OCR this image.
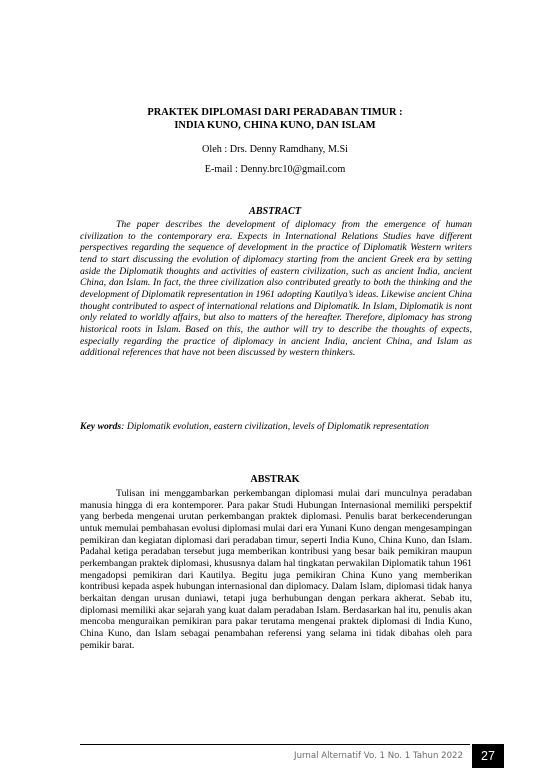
PRAKTEK DIPLOMASI DARI PERADABAN TIMUR :
INDIA KUNO, CHINA KUNO, DAN ISLAM
Oleh : Drs. Denny Ramdhany, M.Si
E-mail : Denny.brc10@gmail.com
ABSTRACT
The paper describes the development of diplomacy from the emergence of human civilization to the contemporary era. Expects in International Relations Studies have different perspectives regarding the sequence of development in the practice of Diplomatik Western writers tend to start discussing the evolution of diplomacy starting from the ancient Greek era by setting aside the Diplomatik thoughts and activities of eastern civilization, such as ancient India, ancient China, dan Islam. In fact, the three civilization also contributed greatly to both the thinking and the development of Diplomatik representation in 1961 adopting Kautilya’s ideas. Likewise ancient China thought contributed to aspect of international relations and Diplomatik. In Islam, Diplomatik is nont only related to worldly affairs, but also to matters of the hereafter. Therefore, diplomacy has strong historical roots in Islam. Based on this, the author will try to describe the thoughts of expects, especially regarding the practice of diplomacy in ancient India, ancient China, and Islam as additional references that have not been discussed by western thinkers.
Key words: Diplomatik evolution, eastern civilization, levels of Diplomatik representation
ABSTRAK
Tulisan ini menggambarkan perkembangan diplomasi mulai dari munculnya peradaban manusia hingga di era kontemporer. Para pakar Studi Hubungan Internasional memiliki perspektif yang berbeda mengenai urutan perkembangan praktek diplomasi. Penulis barat berkecenderungan untuk memulai pembahasan evolusi diplomasi mulai dari era Yunani Kuno dengan mengesampingan pemikiran dan kegiatan diplomasi dari peradaban timur, seperti India Kuno, China Kuno, dan Islam. Padahal ketiga peradaban tersebut juga memberikan kontribusi yang besar baik pemikiran maupun perkembangan praktek diplomasi, khususnya dalam hal tingkatan perwakilan Diplomatik tahun 1961 mengadopsi pemikiran dari Kautilya. Begitu juga pemikiran China Kuno yang memberikan kontribusi kepada aspek hubungan internasional dan diplomacy. Dalam Islam, diplomasi tidak hanya berkaitan dengan urusan duniawi, tetapi juga berhubungan dengan perkara akherat. Sebab itu, diplomasi memiliki akar sejarah yang kuat dalam peradaban Islam. Berdasarkan hal itu, penulis akan mencoba menguraikan pemikiran para pakar terutama mengenai praktek diplomasi di India Kuno, China Kuno, dan Islam sebagai penambahan referensi yang selama ini tidak dibahas oleh para pemikir barat.
Jurnal Alternatif Vo. 1 No. 1 Tahun 2022	27
